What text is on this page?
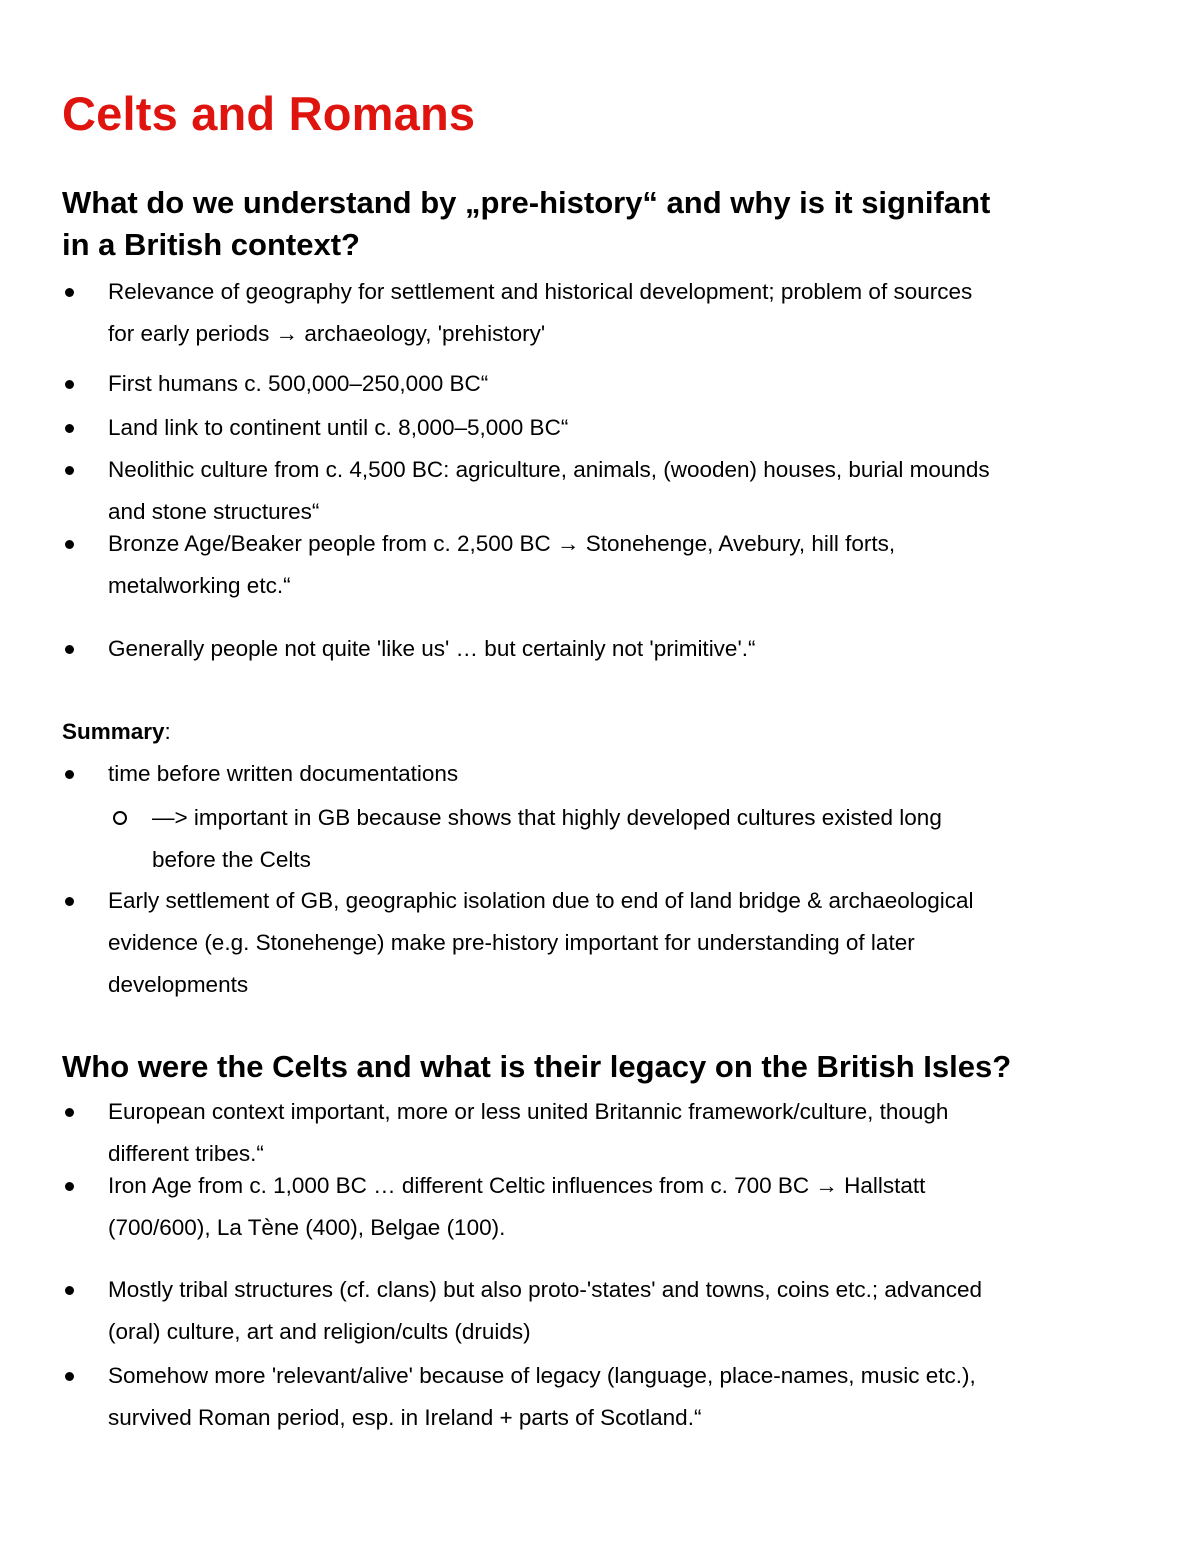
Celts and Romans
What do we understand by „pre-history“ and why is it signifant
in a British context?
Relevance of geography for settlement and historical development; problem of sources
for early periods → archaeology, 'prehistory'
First humans c. 500,000–250,000 BC“
Land link to continent until c. 8,000–5,000 BC“
Neolithic culture from c. 4,500 BC: agriculture, animals, (wooden) houses, burial mounds
and stone structures“
Bronze Age/Beaker people from c. 2,500 BC → Stonehenge, Avebury, hill forts,
metalworking etc.“
Generally people not quite 'like us' … but certainly not 'primitive'.“
Summary:
time before written documentations
—> important in GB because shows that highly developed cultures existed long
before the Celts
Early settlement of GB, geographic isolation due to end of land bridge & archaeological
evidence (e.g. Stonehenge) make pre-history important for understanding of later
developments
Who were the Celts and what is their legacy on the British Isles?
European context important, more or less united Britannic framework/culture, though
different tribes.“
Iron Age from c. 1,000 BC … different Celtic influences from c. 700 BC → Hallstatt
(700/600), La Tène (400), Belgae (100).
Mostly tribal structures (cf. clans) but also proto-'states' and towns, coins etc.; advanced
(oral) culture, art and religion/cults (druids)
Somehow more 'relevant/alive' because of legacy (language, place-names, music etc.),
survived Roman period, esp. in Ireland + parts of Scotland.“
